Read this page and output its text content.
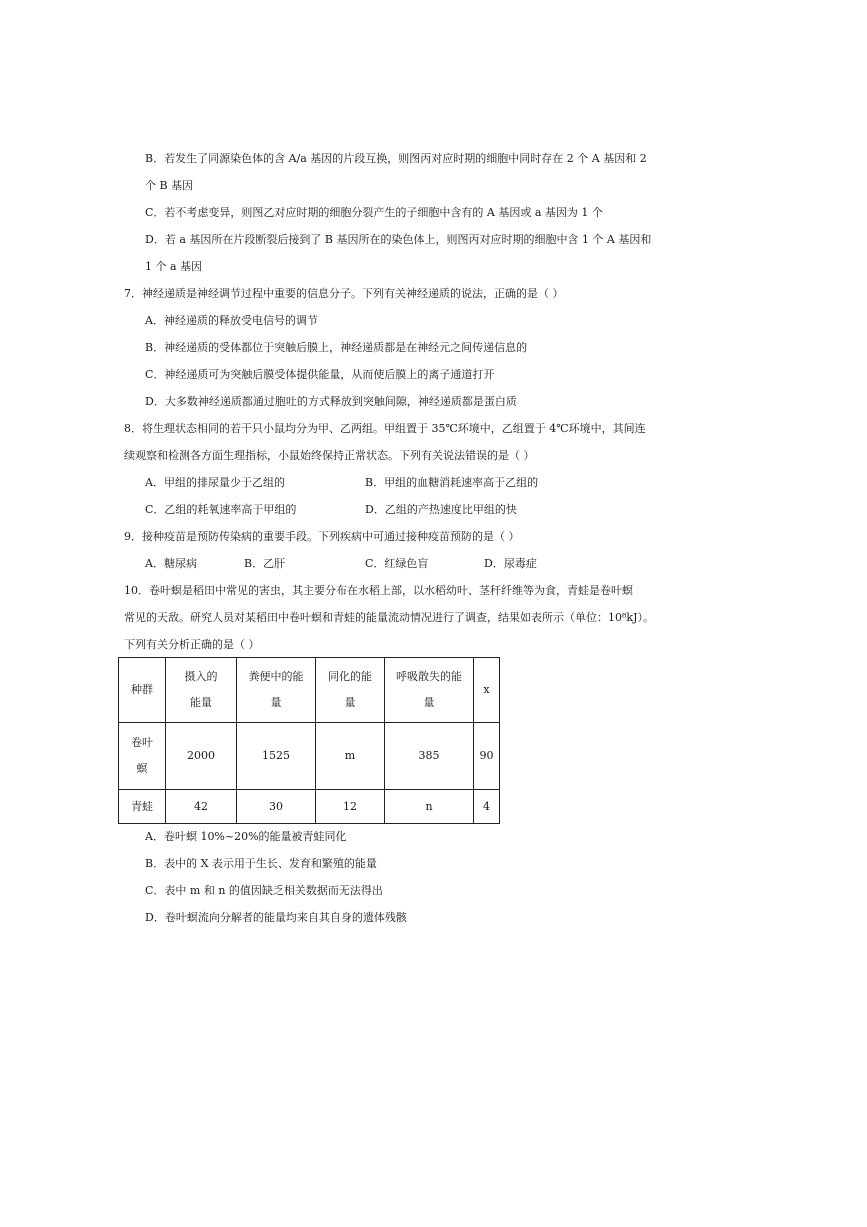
B．若发生了同源染色体的含 A/a 基因的片段互换，则图丙对应时期的细胞中同时存在 2 个 A 基因和 2
个 B 基因
C．若不考虑变异，则图乙对应时期的细胞分裂产生的子细胞中含有的 A 基因或 a 基因为 1 个
D．若 a 基因所在片段断裂后接到了 B 基因所在的染色体上，则图丙对应时期的细胞中含 1 个 A 基因和
1 个 a 基因
7．神经递质是神经调节过程中重要的信息分子。下列有关神经递质的说法，正确的是（ ）
A．神经递质的释放受电信号的调节
B．神经递质的受体都位于突触后膜上，神经递质都是在神经元之间传递信息的
C．神经递质可为突触后膜受体提供能量，从而使后膜上的离子通道打开
D．大多数神经递质都通过胞吐的方式释放到突触间隙，神经递质都是蛋白质
8．将生理状态相同的若干只小鼠均分为甲、乙两组。甲组置于 35℃环境中，乙组置于 4℃环境中，其间连
续观察和检测各方面生理指标，小鼠始终保持正常状态。下列有关说法错误的是（ ）
A．甲组的排尿量少于乙组的	B．甲组的血糖消耗速率高于乙组的
C．乙组的耗氧速率高于甲组的	D．乙组的产热速度比甲组的快
9．接种疫苗是预防传染病的重要手段。下列疾病中可通过接种疫苗预防的是（ ）
A．糖尿病	B．乙肝	C．红绿色盲	D．尿毒症
10．卷叶螟是稻田中常见的害虫，其主要分布在水稻上部，以水稻幼叶、茎秆纤维等为食，青蛙是卷叶螟
下列有关分析正确的是（ ）
种群	摄入的能量	粪便中的能量	同化的能量	呼吸散失的能量	x
卷叶螟	2000	1525	m	385	90
青蛙	42	30	12	n	4
A．卷叶螟 10%~20%的能量被青蛙同化
B．表中的 X 表示用于生长、发育和繁殖的能量
C．表中 m 和 n 的值因缺乏相关数据而无法得出
D．卷叶螟流向分解者的能量均来自其自身的遗体残骸
常见的天敌。研究人员对某稻田中卷叶螟和青蛙的能量流动情况进行了调查，结果如表所示（单位：10⁸kJ）。
